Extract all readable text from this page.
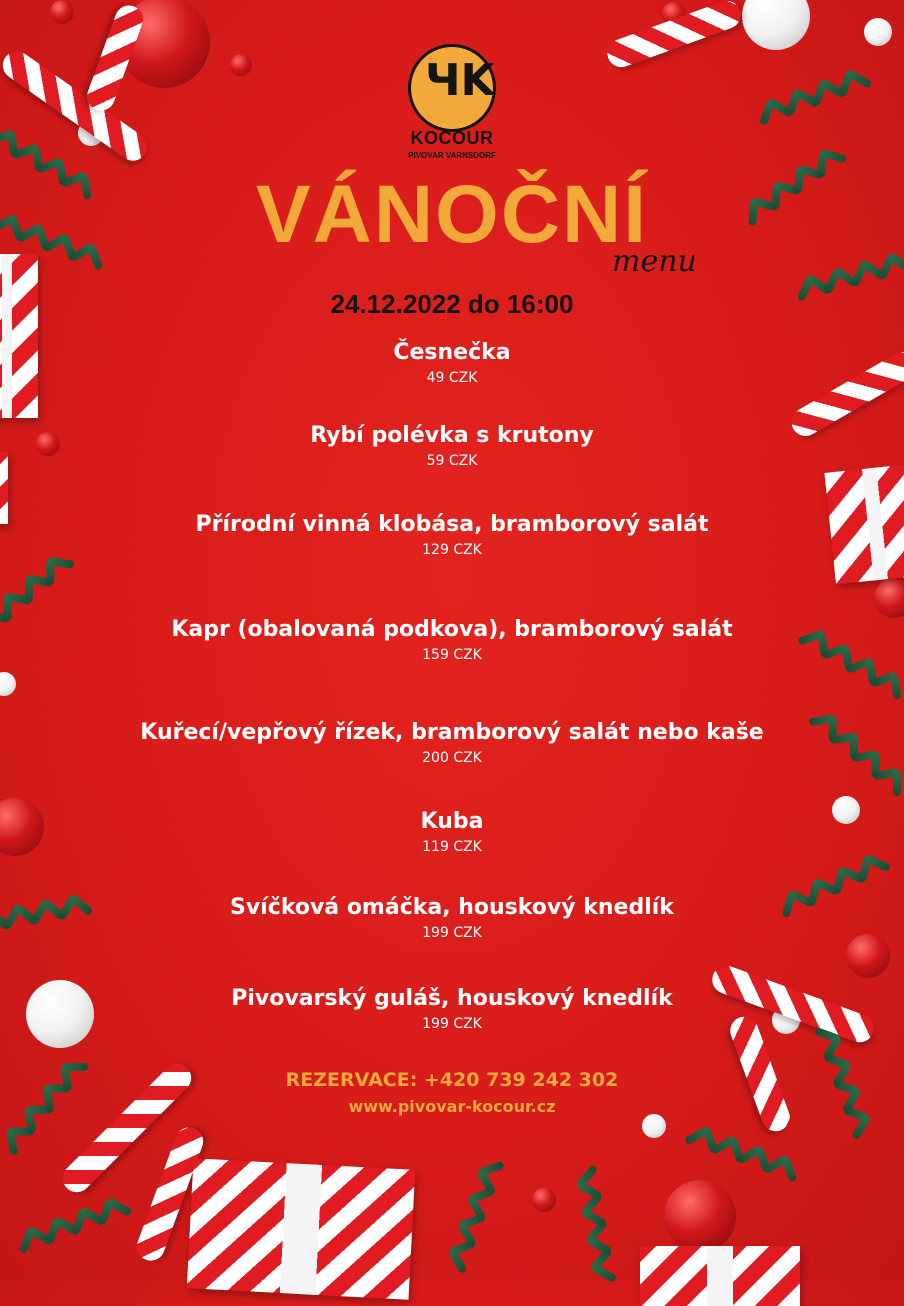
ЧK
KOCOUR
PIVOVAR VARNSDORF
VÁNOČNÍ
menu
24.12.2022 do 16:00
Česnečka
49 CZK
Rybí polévka s krutony
59 CZK
Přírodní vinná klobása, bramborový salát
129 CZK
Kapr (obalovaná podkova), bramborový salát
159 CZK
Kuřecí/vepřový řízek, bramborový salát nebo kaše
200 CZK
Kuba
119 CZK
Svíčková omáčka, houskový knedlík
199 CZK
Pivovarský guláš, houskový knedlík
199 CZK
REZERVACE: +420 739 242 302
www.pivovar-kocour.cz
